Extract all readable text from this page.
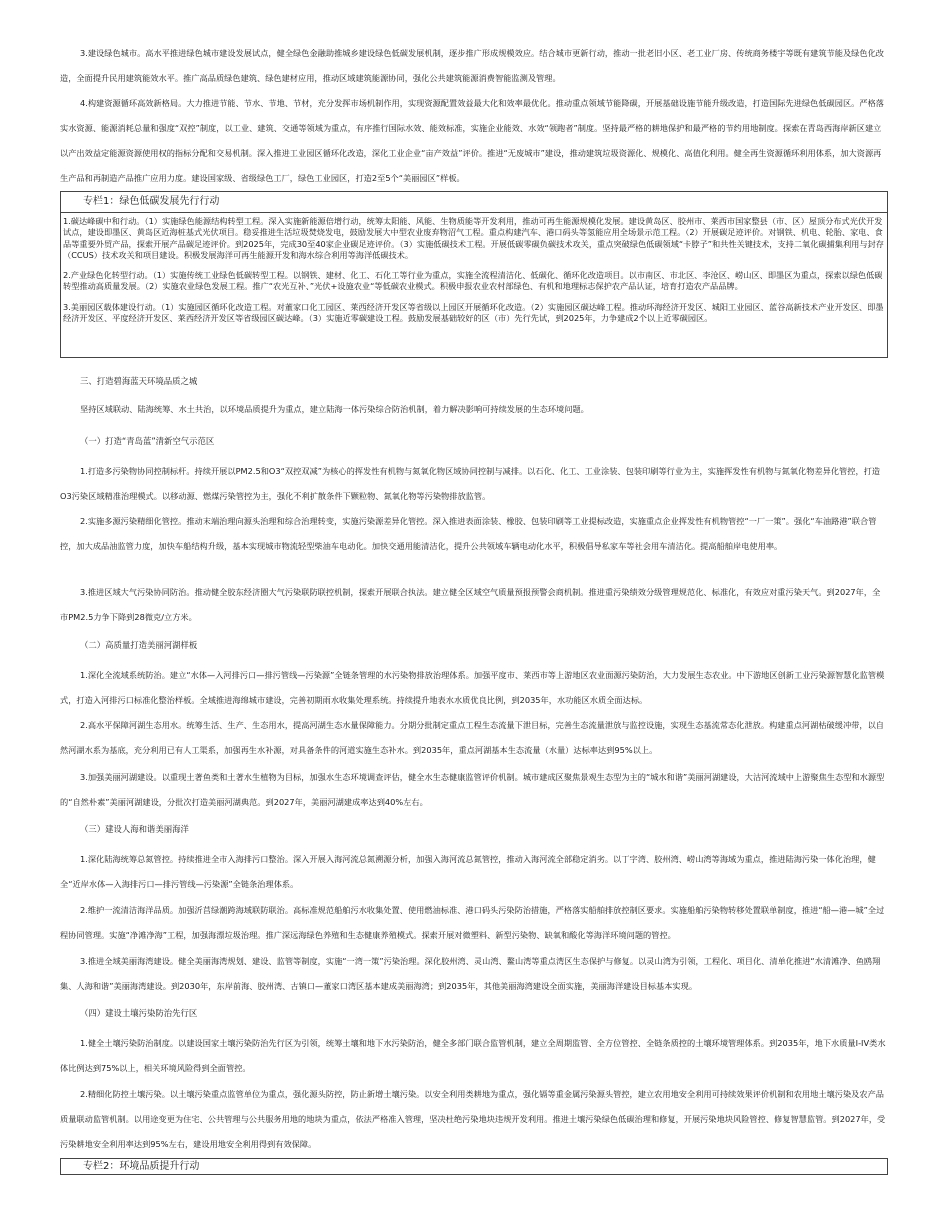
3.建设绿色城市。高水平推进绿色城市建设发展试点，健全绿色金融助推城乡建设绿色低碳发展机制，逐步推广形成规模效应。结合城市更新行动，推动一批老旧小区、老工业厂房、传统商务楼宇等既有建筑节能及绿色化改造，全面提升民用建筑能效水平。推广高品质绿色建筑、绿色建材应用，推动区域建筑能源协同，强化公共建筑能源消费智能监测及管理。

4.构建资源循环高效新格局。大力推进节能、节水、节地、节材，充分发挥市场机制作用，实现资源配置效益最大化和效率最优化。推动重点领域节能降碳，开展基础设施节能升级改造，打造国际先进绿色低碳园区。严格落实水资源、能源消耗总量和强度“双控”制度，以工业、建筑、交通等领域为重点，有序推行国际水效、能效标准，实施企业能效、水效“领跑者”制度。坚持最严格的耕地保护和最严格的节约用地制度。探索在青岛西海岸新区建立以产出效益定能源资源使用权的指标分配和交易机制。深入推进工业园区循环化改造，深化工业企业“亩产效益”评价。推进“无废城市”建设，推动建筑垃圾资源化、规模化、高值化利用。健全再生资源循环利用体系，加大资源再生产品和再制造产品推广应用力度。建设国家级、省级绿色工厂，绿色工业园区，打造2至5个“美丽园区”样板。

专栏1：绿色低碳发展先行行动

1.碳达峰碳中和行动。（1）实施绿色能源结构转型工程。深入实施新能源倍增行动，统筹太阳能、风能、生物质能等开发利用，推动可再生能源规模化发展。建设黄岛区、胶州市、莱西市国家整县（市、区）屋顶分布式光伏开发试点，建设即墨区、黄岛区近海桩基式光伏项目。稳妥推进生活垃圾焚烧发电，鼓励发展大中型农业废弃物沼气工程。重点构建汽车、港口码头等氢能应用全场景示范工程。（2）开展碳足迹评价。对钢铁、机电、轮胎、家电、食品等重要外贸产品，探索开展产品碳足迹评价。到2025年，完成30至40家企业碳足迹评价。（3）实施低碳技术工程。开展低碳零碳负碳技术攻关，重点突破绿色低碳领域“卡脖子”和共性关键技术，支持二氧化碳捕集利用与封存（CCUS）技术攻关和项目建设。积极发展海洋可再生能源开发和海水综合利用等海洋低碳技术。

2.产业绿色化转型行动。（1）实施传统工业绿色低碳转型工程。以钢铁、建材、化工、石化工等行业为重点，实施全流程清洁化、低碳化、循环化改造项目。以市南区、市北区、李沧区、崂山区、即墨区为重点，探索以绿色低碳转型推动高质量发展。（2）实施农业绿色发展工程。推广“农光互补、”光伏+设施农业“等低碳农业模式。积极申报农业农村部绿色、有机和地理标志保护农产品认证，培育打造农产品品牌。

3.美丽园区载体建设行动。（1）实施园区循环化改造工程。对董家口化工园区、莱西经济开发区等省级以上园区开展循环化改造。（2）实施园区碳达峰工程。推动环海经济开发区、城阳工业园区、蓝谷高新技术产业开发区、即墨经济开发区、平度经济开发区、莱西经济开发区等省级园区碳达峰。（3）实施近零碳建设工程。鼓励发展基础较好的区（市）先行先试，到2025年，力争建成2个以上近零碳园区。

三、打造碧海蓝天环境品质之城

坚持区域联动、陆海统筹、水土共治，以环境品质提升为重点，建立陆海一体污染综合防治机制，着力解决影响可持续发展的生态环境问题。

（一）打造“青岛蓝”清新空气示范区

1.打造多污染物协同控制标杆。持续开展以PM2.5和O3“双控双减”为核心的挥发性有机物与氮氧化物区域协同控制与减排。以石化、化工、工业涂装、包装印刷等行业为主，实施挥发性有机物与氮氧化物差异化管控，打造O3污染区域精准治理模式。以移动源、燃煤污染管控为主，强化不利扩散条件下颗粒物、氮氧化物等污染物排放监管。

2.实施多源污染精细化管控。推动末端治理向源头治理和综合治理转变，实施污染源差异化管控。深入推进表面涂装、橡胶、包装印刷等工业提标改造，实施重点企业挥发性有机物管控“一厂一策”。强化“车油路港”联合管控，加大成品油监管力度，加快车船结构升级，基本实现城市物流轻型柴油车电动化。加快交通用能清洁化，提升公共领域车辆电动化水平，积极倡导私家车等社会用车清洁化。提高船舶岸电使用率。

3.推进区域大气污染协同防治。推动健全胶东经济圈大气污染联防联控机制，探索开展联合执法。建立健全区域空气质量预报预警会商机制。推进重污染绩效分级管理规范化、标准化，有效应对重污染天气。到2027年，全市PM2.5力争下降到28微克/立方米。

（二）高质量打造美丽河湖样板

1.深化全流域系统防治。建立“水体—入河排污口—排污管线—污染源”全链条管理的水污染物排放治理体系。加强平度市、莱西市等上游地区农业面源污染防治，大力发展生态农业。中下游地区创新工业污染源智慧化监管模式，打造入河排污口标准化整治样板。全域推进海绵城市建设，完善初期雨水收集处理系统。持续提升地表水水质优良比例，到2035年，水功能区水质全面达标。

2.高水平保障河湖生态用水。统筹生活、生产、生态用水，提高河湖生态水量保障能力。分期分批制定重点工程生态流量下泄目标，完善生态流量泄放与监控设施，实现生态基流常态化泄放。构建重点河湖枯破缓冲带，以自然河湖水系为基底，充分利用已有人工渠系，加强再生水补源，对具备条件的河道实施生态补水。到2035年，重点河湖基本生态流量（水量）达标率达到95%以上。

3.加强美丽河湖建设。以重现土著鱼类和土著水生植物为目标，加强水生态环境调查评估，健全水生态健康监管评价机制。城市建成区聚焦景观生态型为主的“城水和谐”美丽河湖建设，大沽河流域中上游聚焦生态型和水源型的“自然朴素”美丽河湖建设，分批次打造美丽河湖典范。到2027年，美丽河湖建成率达到40%左右。

（三）建设人海和谐美丽海洋

1.深化陆海统筹总氮管控。持续推进全市入海排污口整治。深入开展入海河流总氮溯源分析，加强入海河流总氮管控，推动入海河流全部稳定消劣。以丁字湾、胶州湾、崂山湾等海域为重点，推进陆海污染一体化治理，健全“近岸水体—入海排污口—排污管线—污染源”全链条治理体系。

2.维护一流清洁海洋品质。加强沂莒绿潮跨海域联防联治。高标准规范船舶污水收集处置、使用燃油标准、港口码头污染防治措施，严格落实船舶排放控制区要求。实施船舶污染物转移处置联单制度，推进“船—港—城”全过程协同管理。实施“净滩净海”工程，加强海漂垃圾治理。推广深远海绿色养殖和生态健康养殖模式。探索开展对微塑料、新型污染物、缺氧和酸化等海洋环境问题的管控。

3.推进全域美丽海湾建设。健全美丽海湾规划、建设、监管等制度，实施“一湾一策”污染治理。深化胶州湾、灵山湾、鳌山湾等重点湾区生态保护与修复。以灵山湾为引领，工程化、项目化、清单化推进“水清滩净、鱼鸥翔集、人海和谐”美丽海湾建设。到2030年，东岸前海、胶州湾、古镇口—董家口湾区基本建成美丽海湾；到2035年，其他美丽海湾建设全面实施，美丽海洋建设目标基本实现。

（四）建设土壤污染防治先行区

1.健全土壤污染防治制度。以建设国家土壤污染防治先行区为引领，统筹土壤和地下水污染防治，健全多部门联合监管机制，建立全周期监管、全方位管控、全链条质控的土壤环境管理体系。到2035年，地下水质量I-IV类水体比例达到75%以上，相关环境风险得到全面管控。

2.精细化防控土壤污染。以土壤污染重点监管单位为重点，强化源头防控，防止新增土壤污染。以安全利用类耕地为重点，强化镉等重金属污染源头管控，建立农用地安全利用可持续效果评价机制和农用地土壤污染及农产品质量联动监管机制。以用途变更为住宅、公共管理与公共服务用地的地块为重点，依法严格准入管理，坚决杜绝污染地块违规开发利用。推进土壤污染绿色低碳治理和修复，开展污染地块风险管控、修复智慧监管。到2027年，受污染耕地安全利用率达到95%左右，建设用地安全利用得到有效保障。

专栏2：环境品质提升行动
